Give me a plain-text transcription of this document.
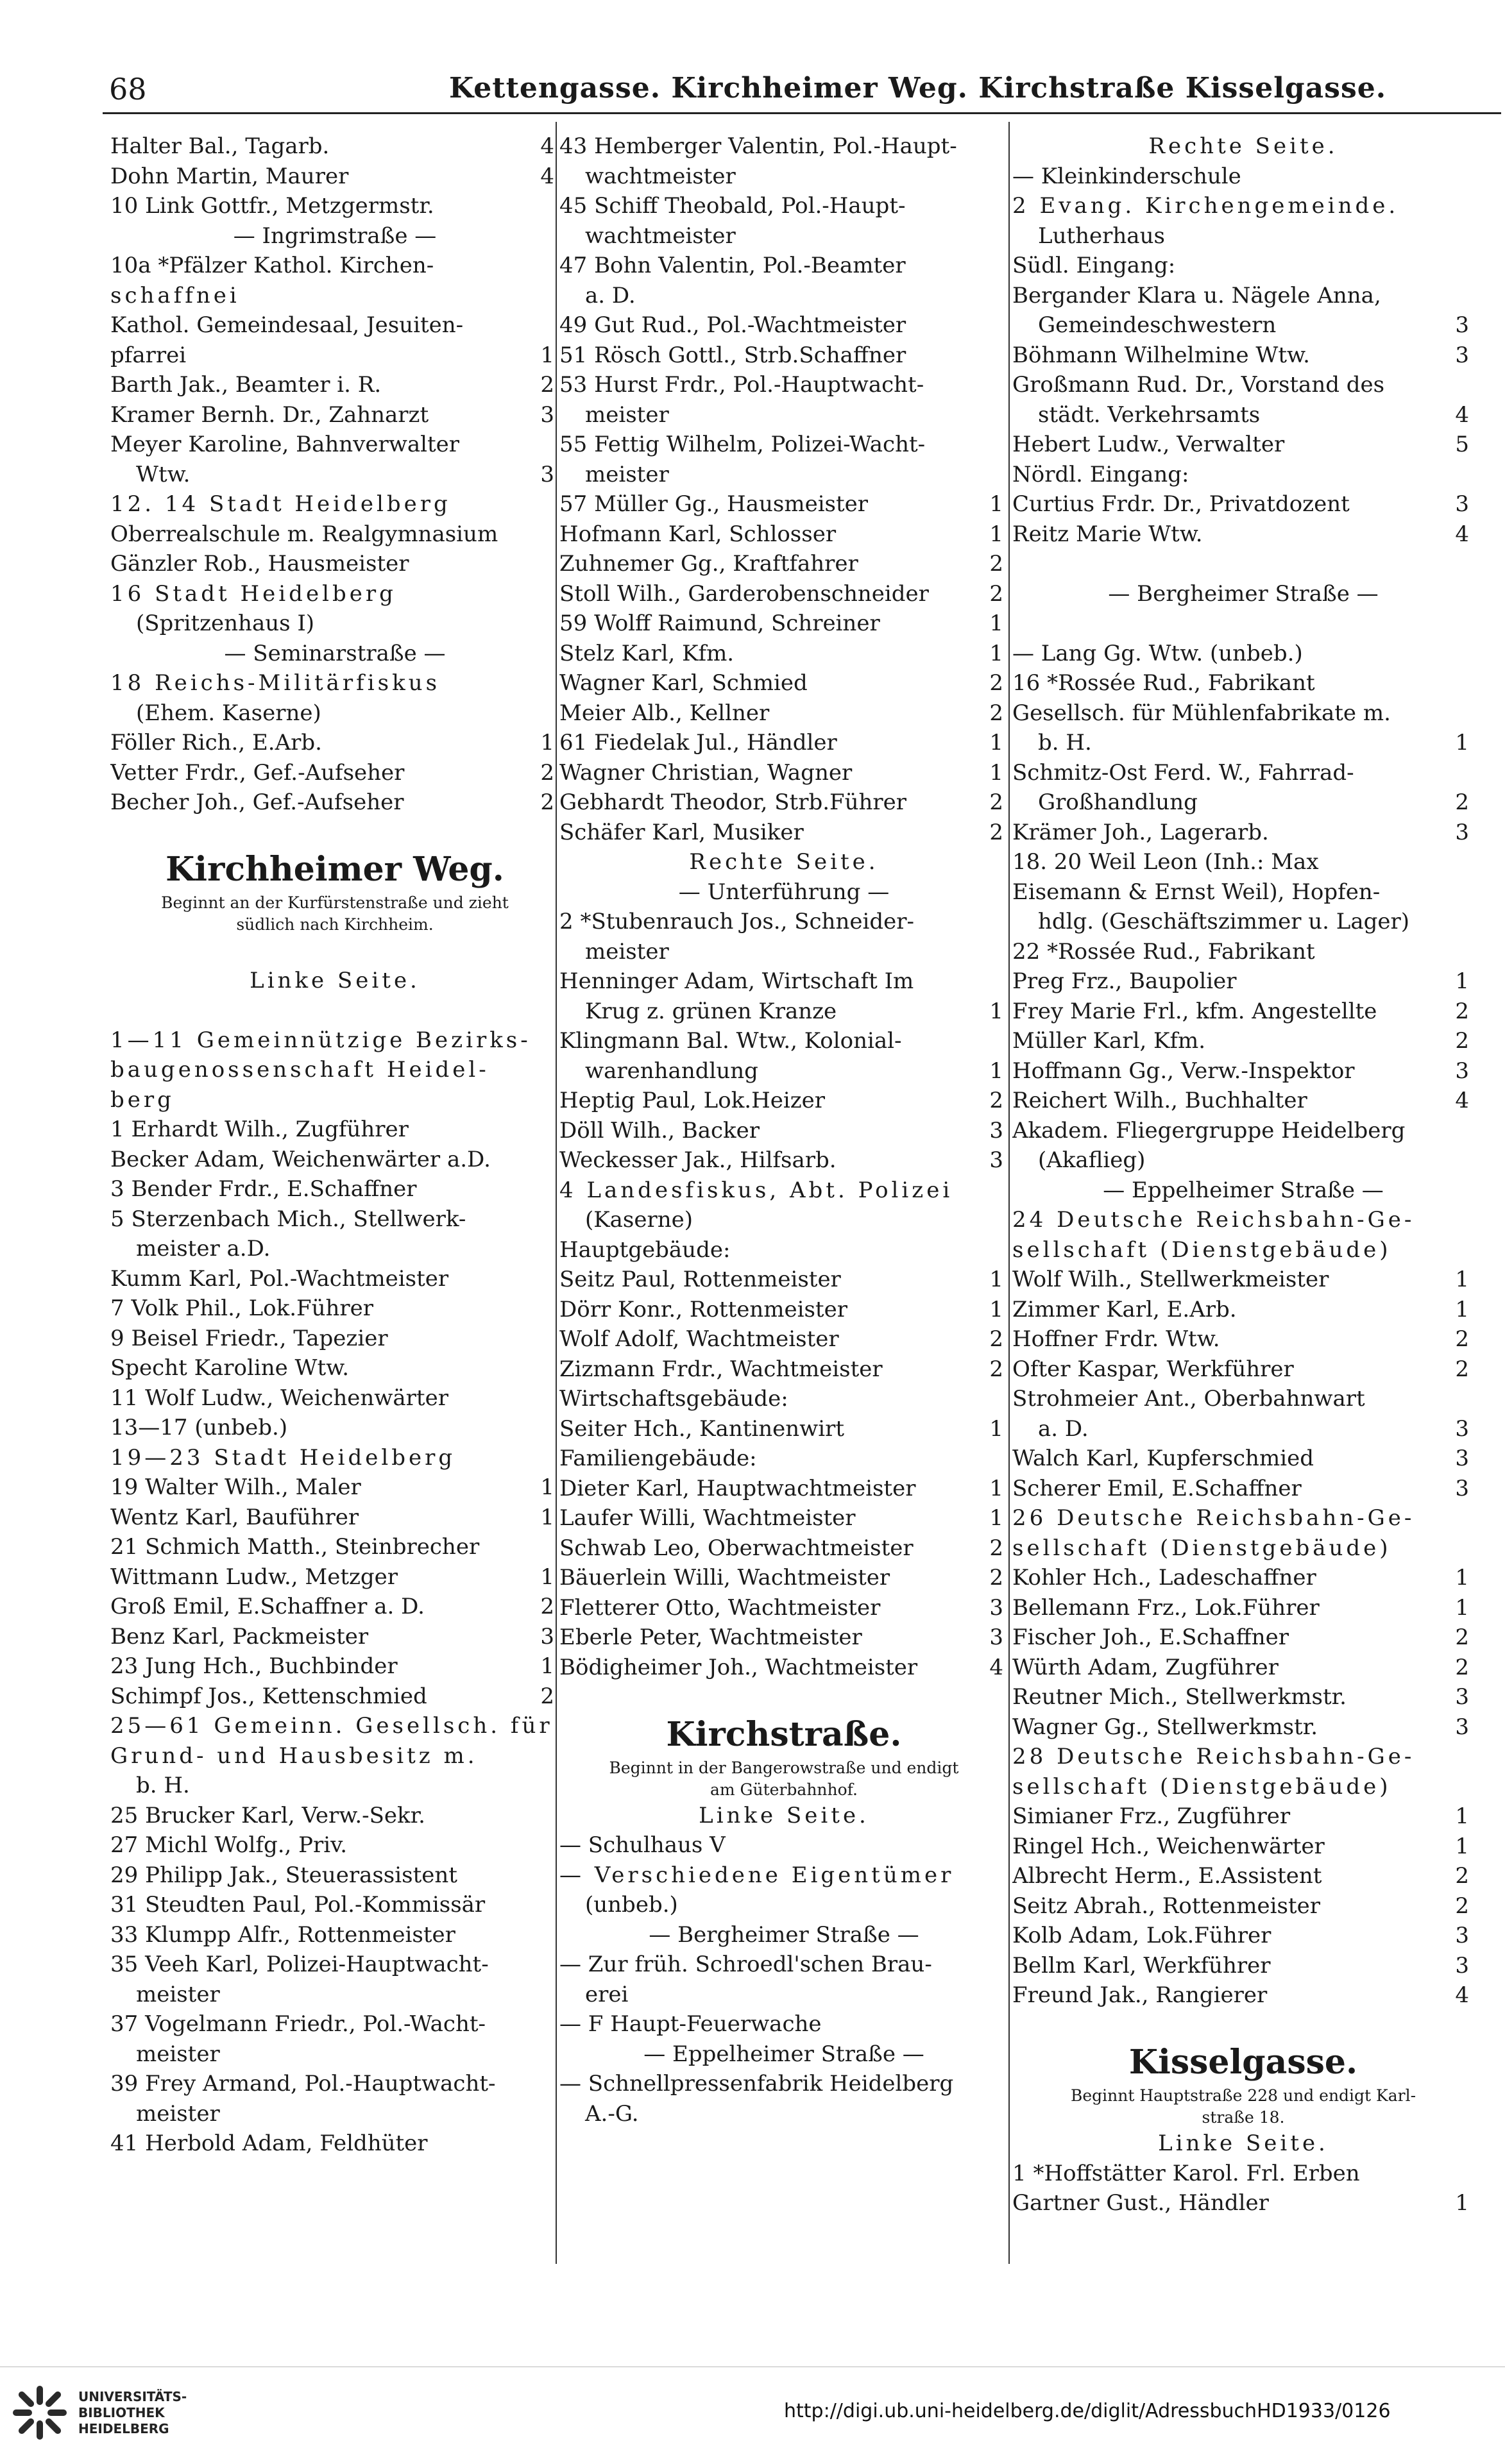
68	Kettengasse. Kirchheimer Weg. Kirchstraße Kisselgasse.
Halter Bal., Tagarb.	4
Dohn Martin, Maurer	4
10 Link Gottfr., Metzgermstr.
— Ingrimstraße —
10a *Pfälzer Kathol. Kirchen-
schaffnei
Kathol. Gemeindesaal, Jesuiten-
pfarrei	1
Barth Jak., Beamter i. R.	2
Kramer Bernh. Dr., Zahnarzt	3
Meyer Karoline, Bahnverwalter
Wtw.	3
12. 14 Stadt Heidelberg
Oberrealschule m. Realgymnasium
Gänzler Rob., Hausmeister
16 Stadt Heidelberg
(Spritzenhaus I)
— Seminarstraße —
18 Reichs-Militärfiskus
(Ehem. Kaserne)
Föller Rich., E.Arb.	1
Vetter Frdr., Gef.-Aufseher	2
Becher Joh., Gef.-Aufseher	2
Kirchheimer Weg.
Beginnt an der Kurfürstenstraße und zieht
südlich nach Kirchheim.
Linke Seite.
1—11 Gemeinnützige Bezirks-
baugenossenschaft Heidel-
berg
1 Erhardt Wilh., Zugführer
Becker Adam, Weichenwärter a.D.
3 Bender Frdr., E.Schaffner
5 Sterzenbach Mich., Stellwerk-
meister a.D.
Kumm Karl, Pol.-Wachtmeister
7 Volk Phil., Lok.Führer
9 Beisel Friedr., Tapezier
Specht Karoline Wtw.
11 Wolf Ludw., Weichenwärter
13—17 (unbeb.)
19—23 Stadt Heidelberg
19 Walter Wilh., Maler	1
Wentz Karl, Bauführer	1
21 Schmich Matth., Steinbrecher
Wittmann Ludw., Metzger	1
Groß Emil, E.Schaffner a. D.	2
Benz Karl, Packmeister	3
23 Jung Hch., Buchbinder	1
Schimpf Jos., Kettenschmied	2
25—61 Gemeinn. Gesellsch. für
Grund- und Hausbesitz m.
b. H.
25 Brucker Karl, Verw.-Sekr.
27 Michl Wolfg., Priv.
29 Philipp Jak., Steuerassistent
31 Steudten Paul, Pol.-Kommissär
33 Klumpp Alfr., Rottenmeister
35 Veeh Karl, Polizei-Hauptwacht-
meister
37 Vogelmann Friedr., Pol.-Wacht-
meister
39 Frey Armand, Pol.-Hauptwacht-
meister
41 Herbold Adam, Feldhüter
43 Hemberger Valentin, Pol.-Haupt-
wachtmeister
45 Schiff Theobald, Pol.-Haupt-
wachtmeister
47 Bohn Valentin, Pol.-Beamter
a. D.
49 Gut Rud., Pol.-Wachtmeister
51 Rösch Gottl., Strb.Schaffner
53 Hurst Frdr., Pol.-Hauptwacht-
meister
55 Fettig Wilhelm, Polizei-Wacht-
meister
57 Müller Gg., Hausmeister	1
Hofmann Karl, Schlosser	1
Zuhnemer Gg., Kraftfahrer	2
Stoll Wilh., Garderobenschneider	2
59 Wolff Raimund, Schreiner	1
Stelz Karl, Kfm.	1
Wagner Karl, Schmied	2
Meier Alb., Kellner	2
61 Fiedelak Jul., Händler	1
Wagner Christian, Wagner	1
Gebhardt Theodor, Strb.Führer	2
Schäfer Karl, Musiker	2
Rechte Seite.
— Unterführung —
2 *Stubenrauch Jos., Schneider-
meister
Henninger Adam, Wirtschaft Im
Krug z. grünen Kranze	1
Klingmann Bal. Wtw., Kolonial-
warenhandlung	1
Heptig Paul, Lok.Heizer	2
Döll Wilh., Backer	3
Weckesser Jak., Hilfsarb.	3
4 Landesfiskus, Abt. Polizei
(Kaserne)
Hauptgebäude:
Seitz Paul, Rottenmeister	1
Dörr Konr., Rottenmeister	1
Wolf Adolf, Wachtmeister	2
Zizmann Frdr., Wachtmeister	2
Wirtschaftsgebäude:
Seiter Hch., Kantinenwirt	1
Familiengebäude:
Dieter Karl, Hauptwachtmeister	1
Laufer Willi, Wachtmeister	1
Schwab Leo, Oberwachtmeister	2
Bäuerlein Willi, Wachtmeister	2
Fletterer Otto, Wachtmeister	3
Eberle Peter, Wachtmeister	3
Bödigheimer Joh., Wachtmeister	4
Kirchstraße.
Beginnt in der Bangerowstraße und endigt
am Güterbahnhof.
Linke Seite.
— Schulhaus V
— Verschiedene Eigentümer
(unbeb.)
— Bergheimer Straße —
— Zur früh. Schroedl'schen Brau-
erei
— F Haupt-Feuerwache
— Eppelheimer Straße —
— Schnellpressenfabrik Heidelberg
A.-G.
Rechte Seite.
— Kleinkinderschule
2 Evang. Kirchengemeinde.
Lutherhaus
Südl. Eingang:
Bergander Klara u. Nägele Anna,
Gemeindeschwestern	3
Böhmann Wilhelmine Wtw.	3
Großmann Rud. Dr., Vorstand des
städt. Verkehrsamts	4
Hebert Ludw., Verwalter	5
Nördl. Eingang:
Curtius Frdr. Dr., Privatdozent	3
Reitz Marie Wtw.	4
— Bergheimer Straße —
— Lang Gg. Wtw. (unbeb.)
16 *Rossée Rud., Fabrikant
Gesellsch. für Mühlenfabrikate m.
b. H.	1
Schmitz-Ost Ferd. W., Fahrrad-
Großhandlung	2
Krämer Joh., Lagerarb.	3
18. 20 Weil Leon (Inh.: Max
Eisemann & Ernst Weil), Hopfen-
hdlg. (Geschäftszimmer u. Lager)
22 *Rossée Rud., Fabrikant
Preg Frz., Baupolier	1
Frey Marie Frl., kfm. Angestellte	2
Müller Karl, Kfm.	2
Hoffmann Gg., Verw.-Inspektor	3
Reichert Wilh., Buchhalter	4
Akadem. Fliegergruppe Heidelberg
(Akaflieg)
— Eppelheimer Straße —
24 Deutsche Reichsbahn-Ge-
sellschaft (Dienstgebäude)
Wolf Wilh., Stellwerkmeister	1
Zimmer Karl, E.Arb.	1
Hoffner Frdr. Wtw.	2
Ofter Kaspar, Werkführer	2
Strohmeier Ant., Oberbahnwart
a. D.	3
Walch Karl, Kupferschmied	3
Scherer Emil, E.Schaffner	3
26 Deutsche Reichsbahn-Ge-
sellschaft (Dienstgebäude)
Kohler Hch., Ladeschaffner	1
Bellemann Frz., Lok.Führer	1
Fischer Joh., E.Schaffner	2
Würth Adam, Zugführer	2
Reutner Mich., Stellwerkmstr.	3
Wagner Gg., Stellwerkmstr.	3
28 Deutsche Reichsbahn-Ge-
sellschaft (Dienstgebäude)
Simianer Frz., Zugführer	1
Ringel Hch., Weichenwärter	1
Albrecht Herm., E.Assistent	2
Seitz Abrah., Rottenmeister	2
Kolb Adam, Lok.Führer	3
Bellm Karl, Werkführer	3
Freund Jak., Rangierer	4
Kisselgasse.
Beginnt Hauptstraße 228 und endigt Karl-
straße 18.
Linke Seite.
1 *Hoffstätter Karol. Frl. Erben
Gartner Gust., Händler	1
UNIVERSITÄTS-
BIBLIOTHEK
HEIDELBERG
http://digi.ub.uni-heidelberg.de/diglit/AdressbuchHD1933/0126
